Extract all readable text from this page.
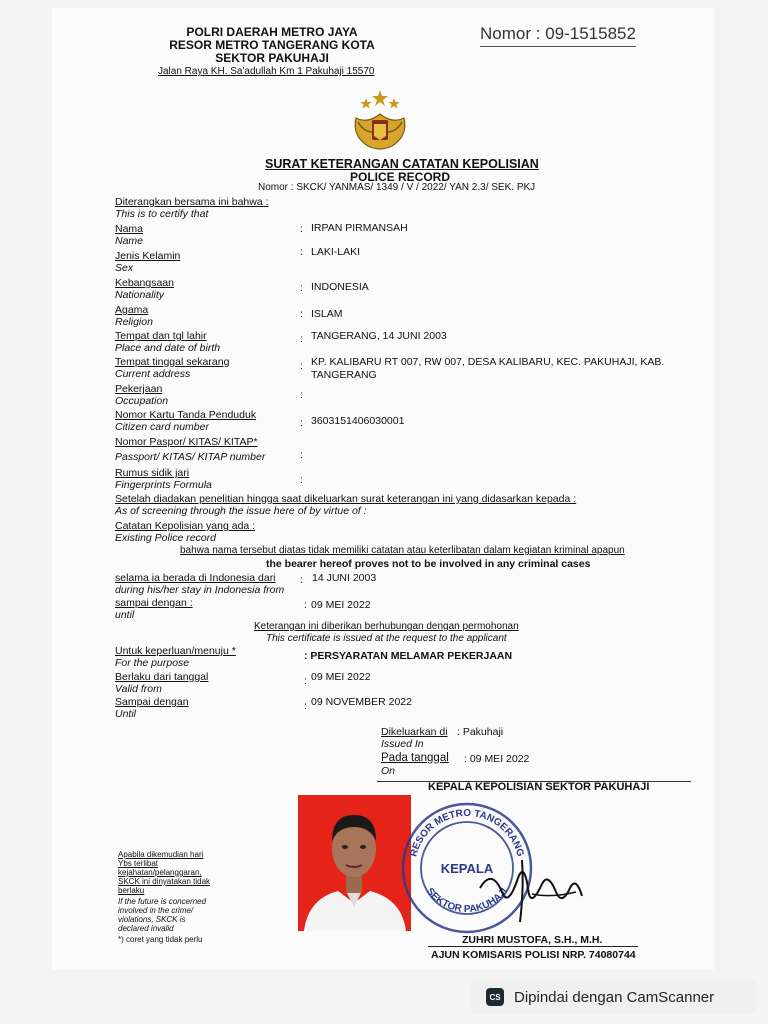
POLRI DAERAH METRO JAYA
RESOR METRO TANGERANG KOTA
SEKTOR PAKUHAJI
Jalan Raya KH. Sa'adullah Km 1 Pakuhaji 15570
Nomor : 09-1515852
SURAT KETERANGAN CATATAN KEPOLISIAN
POLICE RECORD
Nomor : SKCK/ YANMAS/ 1349 / V / 2022/ YAN 2.3/ SEK. PKJ
Diterangkan bersama ini bahwa :
This is to certify that
Nama
Name
: IRPAN PIRMANSAH
Jenis Kelamin
Sex
: LAKI-LAKI
Kebangsaan
Nationality
: INDONESIA
Agama
Religion
: ISLAM
Tempat dan tgl lahir
Place and date of birth
: TANGERANG, 14 JUNI 2003
Tempat tinggal sekarang
Current address
: KP. KALIBARU RT 007, RW 007, DESA KALIBARU, KEC. PAKUHAJI, KAB.
TANGERANG
Pekerjaan
Occupation	:
Nomor Kartu Tanda Penduduk
Citizen card number	: 3603151406030001
Nomor Paspor/ KITAS/ KITAP*
Passport/ KITAS/ KITAP number	:
Rumus sidik jari
Fingerprints Formula	:
Setelah diadakan penelitian hingga saat dikeluarkan surat keterangan ini yang didasarkan kepada :
As of screening through the issue here of by virtue of :
Catatan Kepolisian yang ada :
Existing Police record
bahwa nama tersebut diatas tidak memiliki catatan atau keterlibatan dalam kegiatan kriminal apapun
the bearer hereof proves not to be involved in any criminal cases
selama ia berada di Indonesia dari
during his/her stay in Indonesia from
: 14 JUNI 2003
sampai dengan :
until
: 09 MEI 2022
Keterangan ini diberikan berhubungan dengan permohonan
This certificate is issued at the request to the applicant
Untuk keperluan/menuju *
For the purpose
: PERSYARATAN MELAMAR PEKERJAAN
Berlaku dari tanggal
Valid from
: 09 MEI 2022
Sampai dengan
Until
: 09 NOVEMBER 2022
Dikeluarkan di
Issued In
: Pakuhaji
Pada tanggal
On
: 09 MEI 2022
KEPALA KEPOLISIAN SEKTOR PAKUHAJI
RESOR METRO TANGERANG
SEKTOR PAKUHAJI
KEPALA
ZUHRI MUSTOFA, S.H., M.H.
AJUN KOMISARIS POLISI NRP. 74080744
Apabila dikemudian hari Ybs terlibat kejahatan/pelanggaran, SKCK ini dinyatakan tidak berlaku
If the future is concerned involved in the crime/ violations, SKCK is declared invalid
*) coret yang tidak perlu
CS Dipindai dengan CamScanner
